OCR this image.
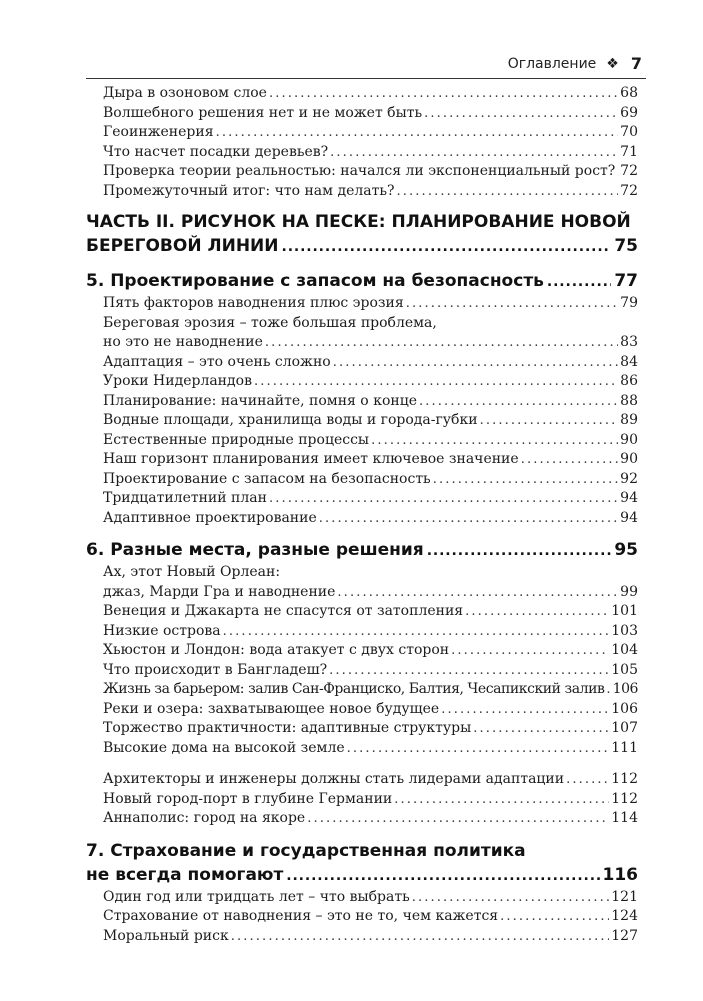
Оглавление ❖ 7
Дыра в озоновом слое . . .	68
Волшебного решения нет и не может быть . . .	69
Геоинженерия . . .	70
Что насчет посадки деревьев? . . .	71
Проверка теории реальностью: начался ли экспоненциальный рост? . . . 72
Промежуточный итог: что нам делать? . . .	72
ЧАСТЬ II. РИСУНОК НА ПЕСКЕ: ПЛАНИРОВАНИЕ НОВОЙ
БЕРЕГОВОЙ ЛИНИИ . . .	75
5. Проектирование с запасом на безопасность . . .	77
Пять факторов наводнения плюс эрозия . . .	79
Береговая эрозия – тоже большая проблема,
но это не наводнение . . .	83
Адаптация – это очень сложно . . .	84
Уроки Нидерландов . . .	86
Планирование: начинайте, помня о конце . . .	88
Водные площади, хранилища воды и города-губки . . .	89
Естественные природные процессы . . .	90
Наш горизонт планирования имеет ключевое значение . . .	90
Проектирование с запасом на безопасность . . .	92
Тридцатилетний план . . .	94
Адаптивное проектирование . . .	94
6. Разные места, разные решения . . .	95
Ах, этот Новый Орлеан:
джаз, Марди Гра и наводнение . . .	99
Венеция и Джакарта не спасутся от затопления . . .	101
Низкие острова . . .	103
Хьюстон и Лондон: вода атакует с двух сторон . . .	104
Что происходит в Бангладеш? . . .	105
Жизнь за барьером: залив Сан-Франциско, Балтия, Чесапикский залив . . . 106
Реки и озера: захватывающее новое будущее . . .	106
Торжество практичности: адаптивные структуры . . .	107
Высокие дома на высокой земле . . .	111
Архитекторы и инженеры должны стать лидерами адаптации . . .	112
Новый город-порт в глубине Германии . . .	112
Аннаполис: город на якоре . . .	114
7. Страхование и государственная политика
не всегда помогают . . .	116
Один год или тридцать лет – что выбрать . . .	121
Страхование от наводнения – это не то, чем кажется . . .	124
Моральный риск . . .	127
